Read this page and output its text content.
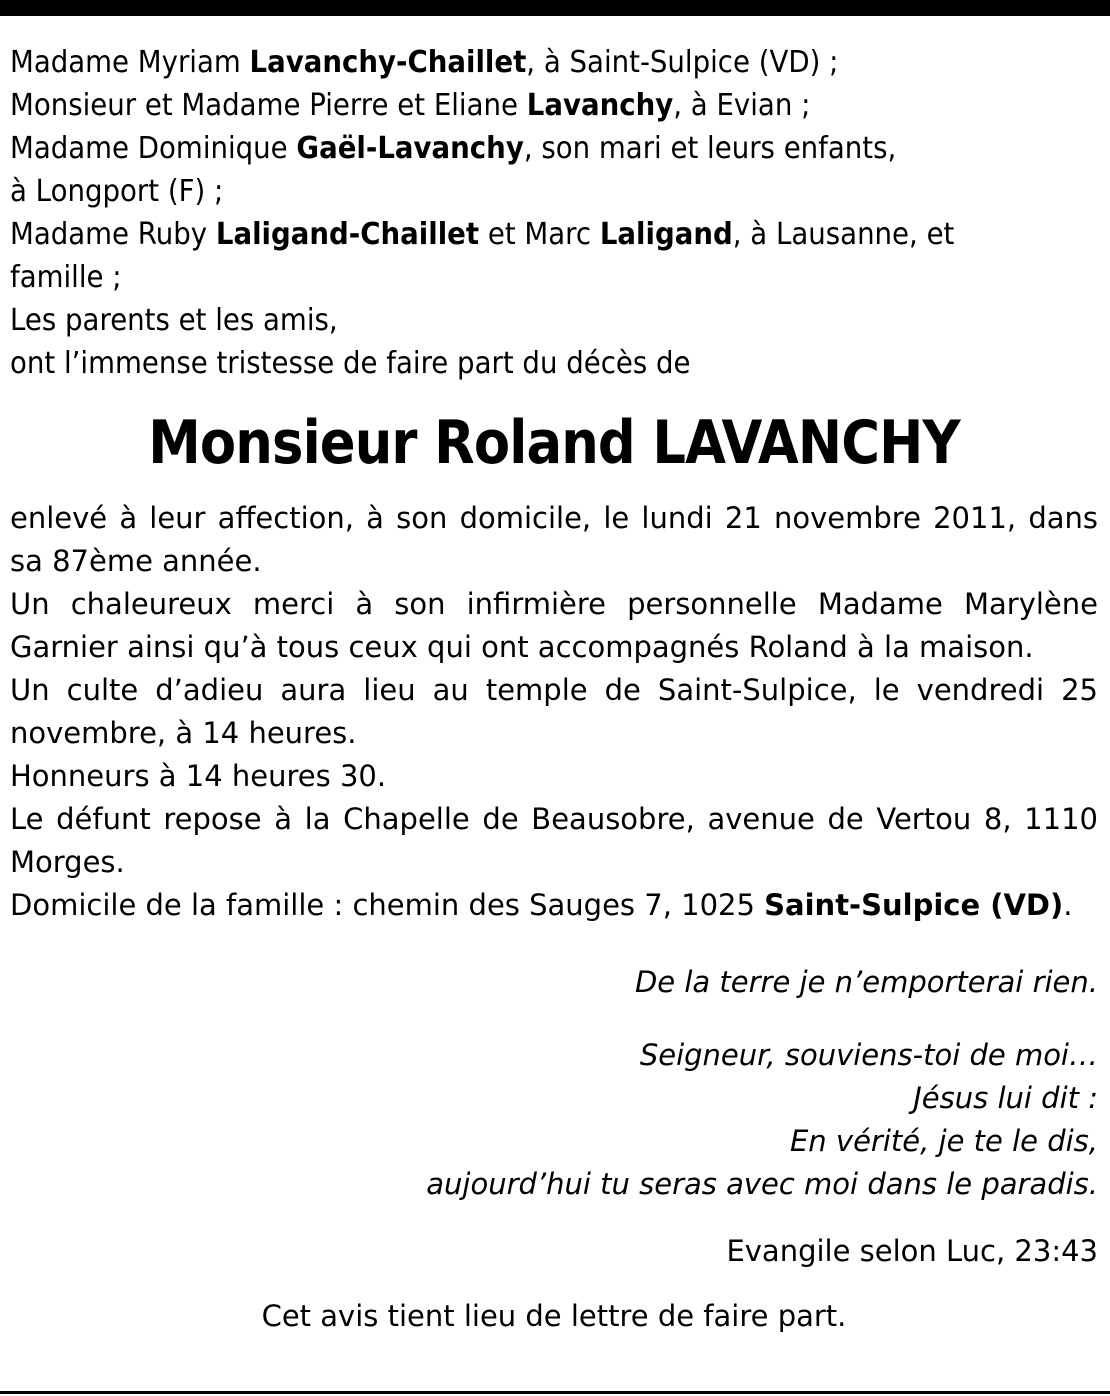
Madame Myriam Lavanchy-Chaillet, à Saint-Sulpice (VD) ;
Monsieur et Madame Pierre et Eliane Lavanchy, à Evian ;
Madame Dominique Gaël-Lavanchy, son mari et leurs enfants,
à Longport (F) ;
Madame Ruby Laligand-Chaillet et Marc Laligand, à Lausanne, et
famille ;
Les parents et les amis,
ont l’immense tristesse de faire part du décès de
Monsieur Roland LAVANCHY
enlevé à leur affection, à son domicile, le lundi 21 novembre 2011, dans sa 87ème année.
Un chaleureux merci à son infirmière personnelle Madame Marylène Garnier ainsi qu’à tous ceux qui ont accompagnés Roland à la maison.
Un culte d’adieu aura lieu au temple de Saint-Sulpice, le vendredi 25 novembre, à 14 heures.
Honneurs à 14 heures 30.
Le défunt repose à la Chapelle de Beausobre, avenue de Vertou 8, 1110 Morges.
Domicile de la famille : chemin des Sauges 7, 1025 Saint-Sulpice (VD).
De la terre je n’emporterai rien.
Seigneur, souviens-toi de moi…
Jésus lui dit :
En vérité, je te le dis,
aujourd’hui tu seras avec moi dans le paradis.
Evangile selon Luc, 23:43
Cet avis tient lieu de lettre de faire part.
